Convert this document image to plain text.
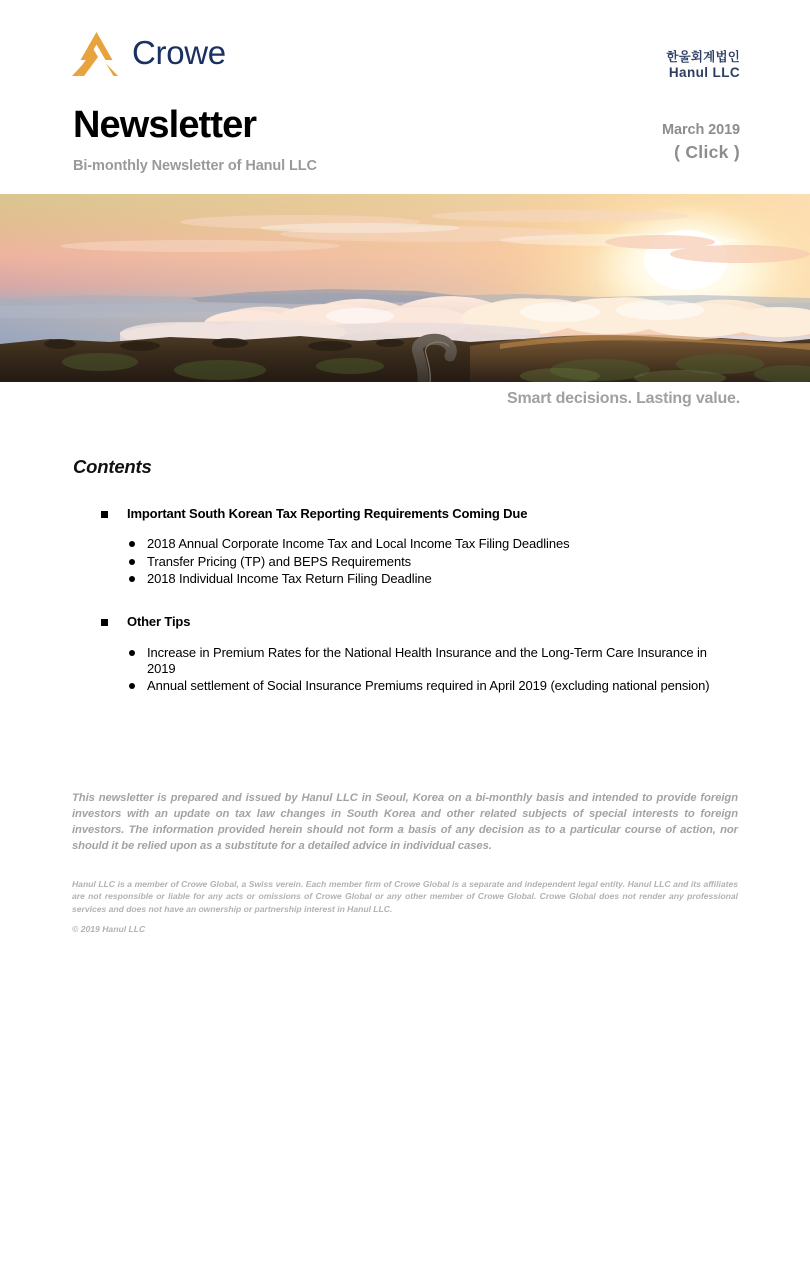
Crowe	한울회계법인
Hanul LLC
Newsletter
Bi-monthly Newsletter of Hanul LLC
March 2019
( Click )
Smart decisions. Lasting value.
Contents
Important South Korean Tax Reporting Requirements Coming Due
2018 Annual Corporate Income Tax and Local Income Tax Filing Deadlines
Transfer Pricing (TP) and BEPS Requirements
2018 Individual Income Tax Return Filing Deadline
Other Tips
Increase in Premium Rates for the National Health Insurance and the Long-Term Care Insurance in 2019
Annual settlement of Social Insurance Premiums required in April 2019 (excluding national pension)
This newsletter is prepared and issued by Hanul LLC in Seoul, Korea on a bi-monthly basis and intended to provide foreign investors with an update on tax law changes in South Korea and other related subjects of special interests to foreign investors. The information provided herein should not form a basis of any decision as to a particular course of action, nor should it be relied upon as a substitute for a detailed advice in individual cases.
Hanul LLC is a member of Crowe Global, a Swiss verein. Each member firm of Crowe Global is a separate and independent legal entity. Hanul LLC and its affiliates are not responsible or liable for any acts or omissions of Crowe Global or any other member of Crowe Global. Crowe Global does not render any professional services and does not have an ownership or partnership interest in Hanul LLC.
© 2019 Hanul LLC
